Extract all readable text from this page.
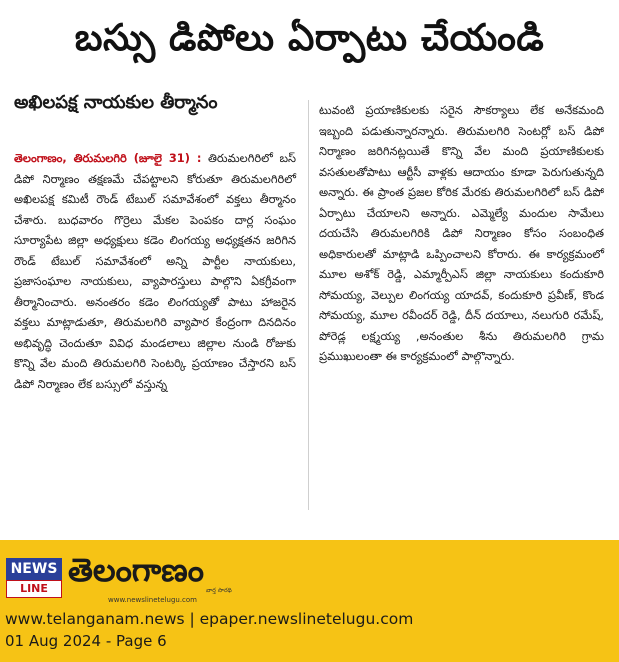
బస్సు డిపోలు ఏర్పాటు చేయండి
అఖిలపక్ష నాయకుల తీర్మానం

తెలంగాణం, తిరుమలగిరి (జూలై 31) : తిరుమలగిరిలో బస్ డిపో నిర్మాణం తక్షణమే చేపట్టాలని కోరుతూ తిరుమలగిరిలో అఖిలపక్ష కమిటీ రౌండ్ టేబుల్ సమావేశంలో వక్తలు తీర్మానం చేశారు. బుధవారం గొర్రెలు మేకల పెంపకం దార్ల సంఘం సూర్యాపేట జిల్లా అధ్యక్షులు కడెం లింగయ్య అధ్యక్షతన జరిగిన రౌండ్ టేబుల్ సమావేశంలో అన్ని పార్టీల నాయకులు, ప్రజాసంఘాల నాయకులు, వ్యాపారస్తులు పాల్గొని ఏకగ్రీవంగా తీర్మానించారు. అనంతరం కడెం లింగయ్యతో పాటు హాజరైన వక్తలు మాట్లాడుతూ, తిరుమలగిరి వ్యాపార కేంద్రంగా దినదినం అభివృద్ధి చెందుతూ వివిధ మండలాలు జిల్లాల నుండి రోజుకు కొన్ని వేల మంది తిరుమలగిరి సెంటర్కి ప్రయాణం చేస్తారని బస్ డిపో నిర్మాణం లేక బస్సులో వస్తున్న

టువంటి ప్రయాణికులకు సరైన సౌకర్యాలు లేక అనేకమంది ఇబ్బంది పడుతున్నారన్నారు. తిరుమలగిరి సెంటర్లో బస్ డిపో నిర్మాణం జరిగినట్లయితే కొన్ని వేల మంది ప్రయాణికులకు వసతులతోపాటు ఆర్టీసీ వాళ్లకు ఆదాయం కూడా పెరుగుతున్నది అన్నారు. ఈ ప్రాంత ప్రజల కోరిక మేరకు తిరుమలగిరిలో బస్ డిపో ఏర్పాటు చేయాలని అన్నారు. ఎమ్మెల్యే మందుల సామేలు దయచేసి తిరుమలగిరికి డిపో నిర్మాణం కోసం సంబంధిత అధికారులతో మాట్లాడి ఒప్పించాలని కోరారు. ఈ కార్యక్రమంలో మూల అశోక్ రెడ్డి, ఎమ్మార్పీఎస్ జిల్లా నాయకులు కందుకూరి సోమయ్య, వెల్పుల లింగయ్య యాదవ్, కందుకూరి ప్రవీణ్, కొండ సోమయ్య, మూల రవీందర్ రెడ్డి, దీన్ దయాలు, నలుగురి రమేష్, పోరెడ్ల లక్ష్మయ్య ,అనంతుల శీను తిరుమలగిరి గ్రామ ప్రముఖులంతా ఈ కార్యక్రమంలో పాల్గొన్నారు.

NEWS
LINE తెలంగాణం
వార్త సారథి
www.newslinetelugu.com
www.telanganam.news | epaper.newslinetelugu.com
01 Aug 2024 - Page 6
